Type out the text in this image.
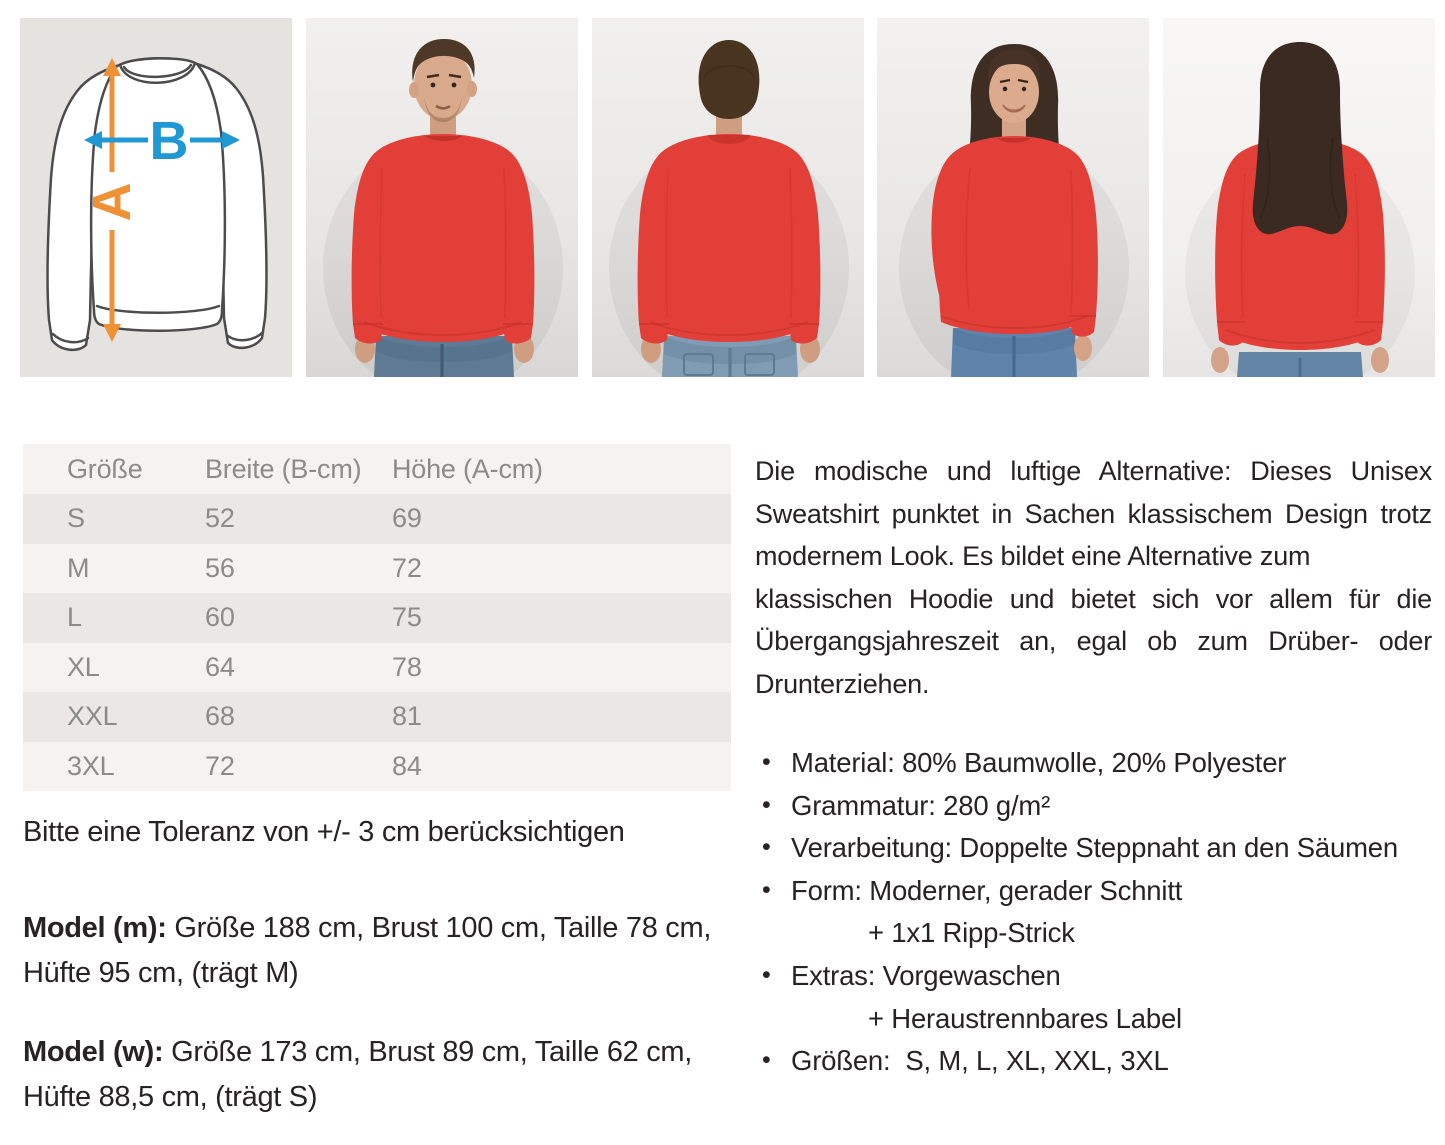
A
B
Größe	Breite (B-cm)	Höhe (A-cm)
S	52	69
M	56	72
L	60	75
XL	64	78
XXL	68	81
3XL	72	84

Bitte eine Toleranz von +/- 3 cm berücksichtigen

Model (m): Größe 188 cm, Brust 100 cm, Taille 78 cm, Hüfte 95 cm, (trägt M)

Model (w): Größe 173 cm, Brust 89 cm, Taille 62 cm, Hüfte 88,5 cm, (trägt S)

Die modische und luftige Alternative: Dieses Unisex Sweatshirt punktet in Sachen klassischem Design trotz modernem Look. Es bildet eine Alternative zum

klassischen Hoodie und bietet sich vor allem für die Übergangsjahreszeit an, egal ob zum Drüber- oder Drunterziehen.

• Material: 80% Baumwolle, 20% Polyester
• Grammatur: 280 g/m²
• Verarbeitung: Doppelte Steppnaht an den Säumen
• Form: Moderner, gerader Schnitt
+ 1x1 Ripp-Strick
• Extras: Vorgewaschen
+ Heraustrennbares Label
• Größen:  S, M, L, XL, XXL, 3XL
